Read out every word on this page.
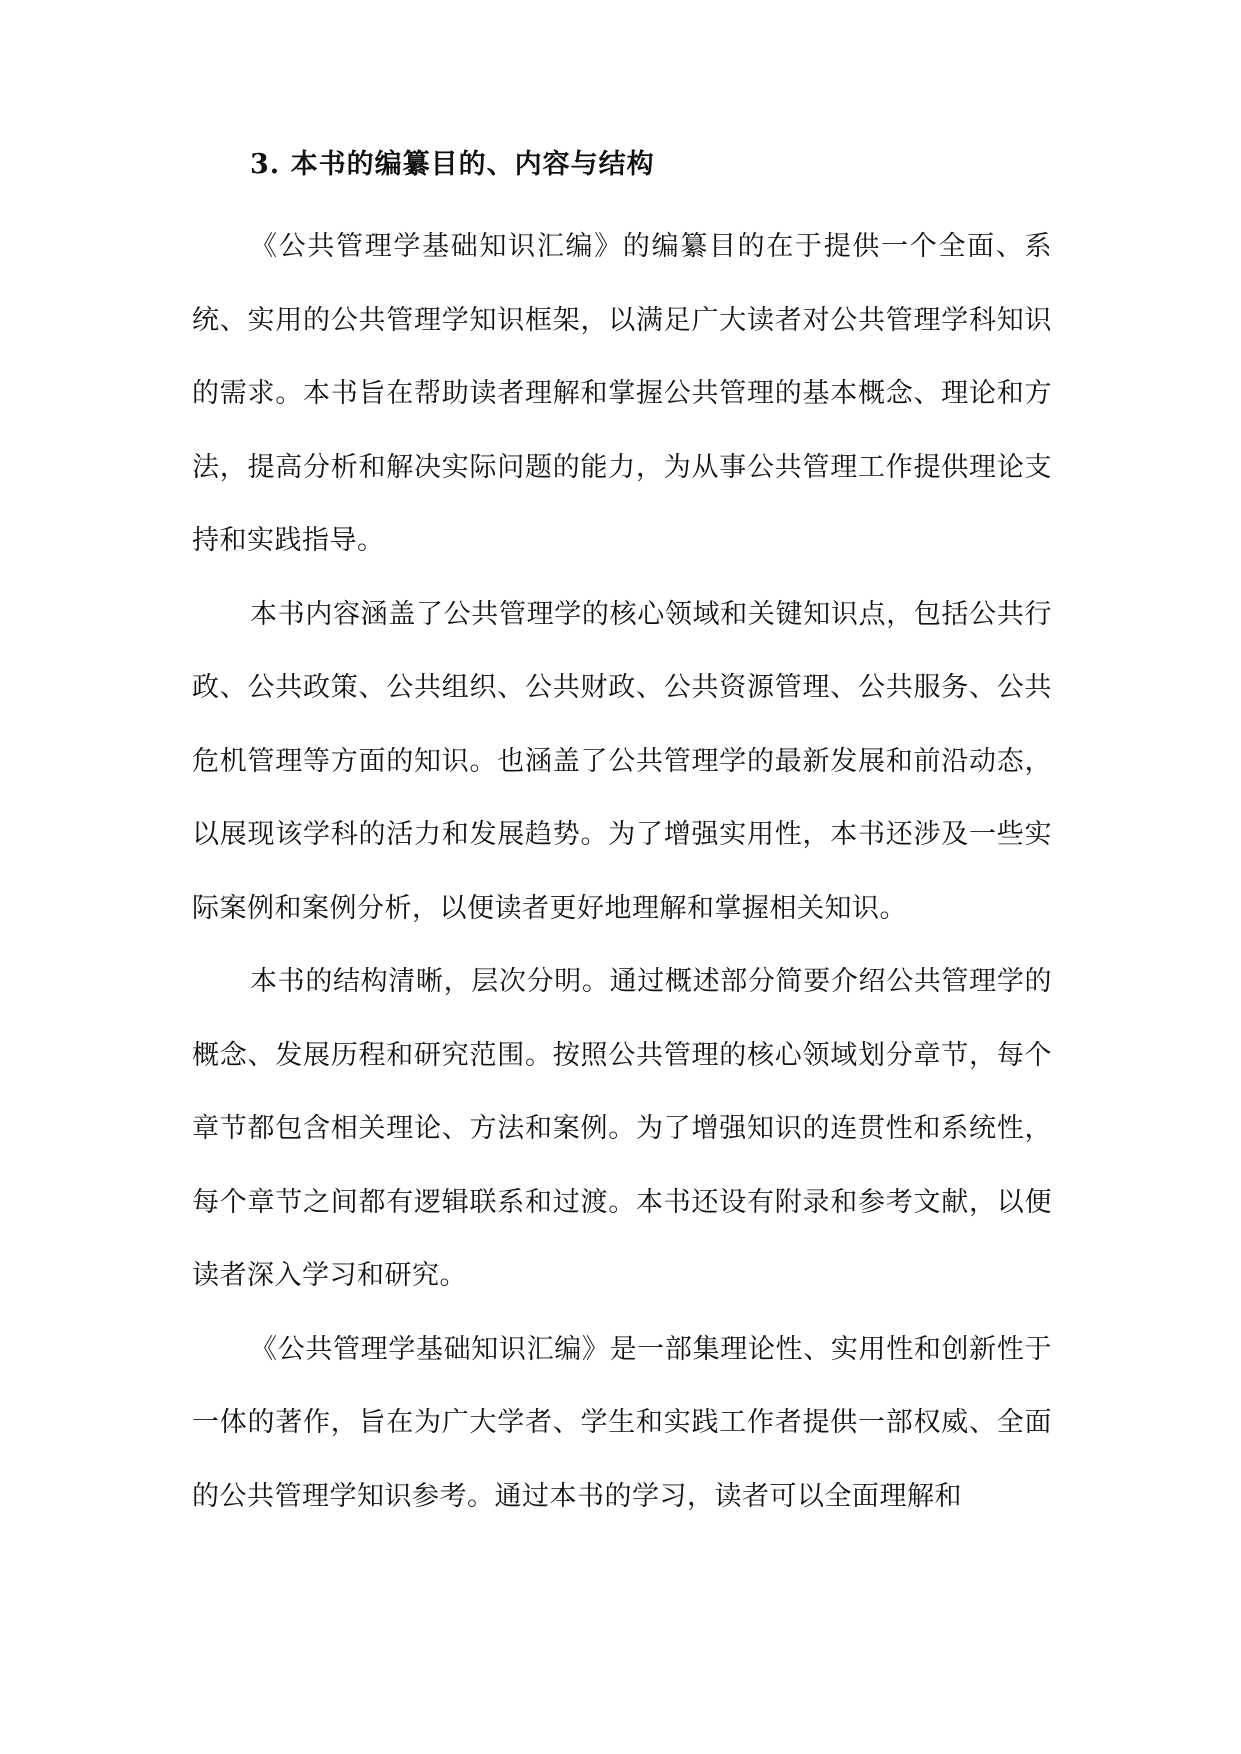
3. 本书的编纂目的、内容与结构

《公共管理学基础知识汇编》的编纂目的在于提供一个全面、系统、实用的公共管理学知识框架，以满足广大读者对公共管理学科知识的需求。本书旨在帮助读者理解和掌握公共管理的基本概念、理论和方法，提高分析和解决实际问题的能力，为从事公共管理工作提供理论支持和实践指导。

本书内容涵盖了公共管理学的核心领域和关键知识点，包括公共行政、公共政策、公共组织、公共财政、公共资源管理、公共服务、公共危机管理等方面的知识。也涵盖了公共管理学的最新发展和前沿动态，以展现该学科的活力和发展趋势。为了增强实用性，本书还涉及一些实际案例和案例分析，以便读者更好地理解和掌握相关知识。

本书的结构清晰，层次分明。通过概述部分简要介绍公共管理学的概念、发展历程和研究范围。按照公共管理的核心领域划分章节，每个章节都包含相关理论、方法和案例。为了增强知识的连贯性和系统性，每个章节之间都有逻辑联系和过渡。本书还设有附录和参考文献，以便读者深入学习和研究。

《公共管理学基础知识汇编》是一部集理论性、实用性和创新性于一体的著作，旨在为广大学者、学生和实践工作者提供一部权威、全面的公共管理学知识参考。通过本书的学习，读者可以全面理解和
